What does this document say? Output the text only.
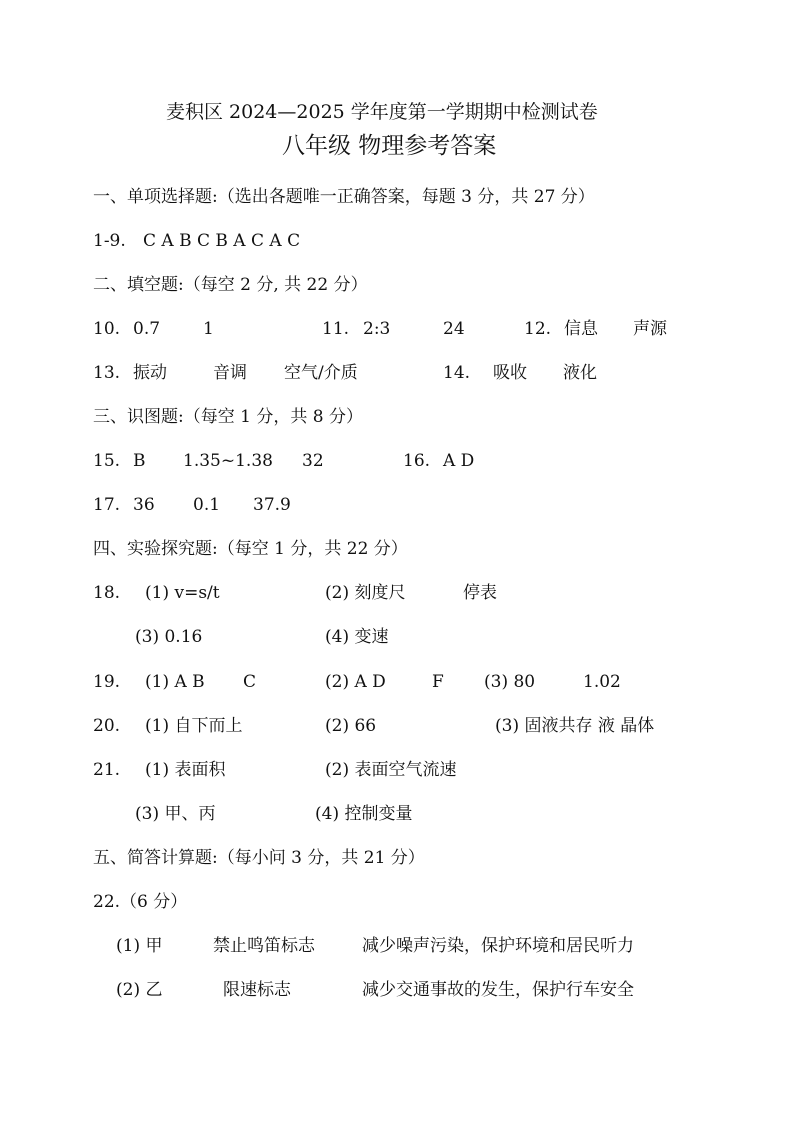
麦积区 2024—2025 学年度第一学期期中检测试卷
八年级 物理参考答案
一、单项选择题:（选出各题唯一正确答案，每题 3 分，共 27 分）
1-9. C A B C B A C A C
二、填空题:（每空 2 分, 共 22 分）
10. 0.7	1	11. 2:3	24	12. 信息 声源
13. 振动	音调 空气/介质	14. 吸收 液化
三、识图题:（每空 1 分，共 8 分）
15. B 1.35~1.38 32	16. A D
17. 36 0.1 37.9
四、实验探究题:（每空 1 分，共 22 分）
18. (1) v=s/t	(2) 刻度尺	停表
(3) 0.16	(4) 变速
19. (1) A B C	(2) A D	F (3) 80	1.02
20. (1) 自下而上	(2) 66	(3) 固液共存 液 晶体
21. (1) 表面积	(2) 表面空气流速
(3) 甲、丙	(4) 控制变量
五、简答计算题:（每小问 3 分，共 21 分）
22.（6 分）
(1) 甲	禁止鸣笛标志	减少噪声污染，保护环境和居民听力
(2) 乙	限速标志	减少交通事故的发生，保护行车安全
